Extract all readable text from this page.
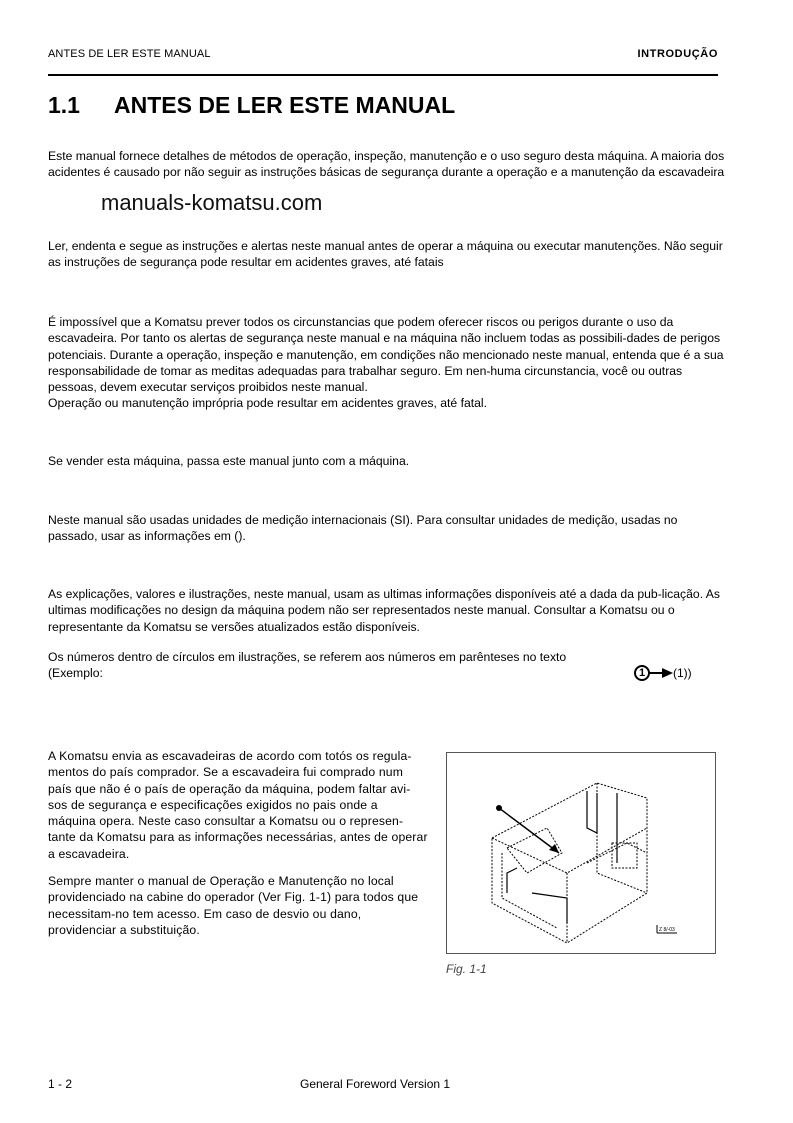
ANTES DE LER ESTE MANUAL	INTRODUÇÃO
1.1 ANTES DE LER ESTE MANUAL
Este manual fornece detalhes de métodos de operação, inspeção, manutenção e o uso seguro desta máquina. A maioria dos acidentes é causado por não seguir as instruções básicas de segurança durante a operação e a manutenção da escavadeira
manuals-komatsu.com
Ler, endenta e segue as instruções e alertas neste manual antes de operar a máquina ou executar manutenções. Não seguir as instruções de segurança pode resultar em acidentes graves, até fatais
É impossível que a Komatsu prever todos os circunstancias que podem oferecer riscos ou perigos durante o uso da escavadeira. Por tanto os alertas de segurança neste manual e na máquina não incluem todas as possibili-dades de perigos potenciais. Durante a operação, inspeção e manutenção, em condições não mencionado neste manual, entenda que é a sua responsabilidade de tomar as meditas adequadas para trabalhar seguro. Em nen-huma circunstancia, você ou outras pessoas, devem executar serviços proibidos neste manual.
Operação ou manutenção imprópria pode resultar em acidentes graves, até fatal.
Se vender esta máquina, passa este manual junto com a máquina.
Neste manual são usadas unidades de medição internacionais (SI). Para consultar unidades de medição, usadas no passado, usar as informações em ().
As explicações, valores e ilustrações, neste manual, usam as ultimas informações disponíveis até a dada da pub-licação. As ultimas modificações no design da máquina podem não ser representados neste manual. Consultar a Komatsu ou o representante da Komatsu se versões atualizados estão disponíveis.
Os números dentro de círculos em ilustrações, se referem aos números em parênteses no texto
(Exemplo:	1	(1))
A Komatsu envia as escavadeiras de acordo com totós os regula-mentos do país comprador. Se a escavadeira fui comprado num país que não é o país de operação da máquina, podem faltar avi-sos de segurança e especificações exigidos no pais onde a máquina opera. Neste caso consultar a Komatsu ou o represen-tante da Komatsu para as informações necessárias, antes de operar a escavadeira.
Sempre manter o manual de Operação e Manutenção no local providenciado na cabine do operador (Ver Fig. 1-1) para todos que necessitam-no tem acesso. Em caso de desvio ou dano, providenciar a substituição.	Z 8/-03
Fig. 1-1
1 - 2	General Foreword Version 1
